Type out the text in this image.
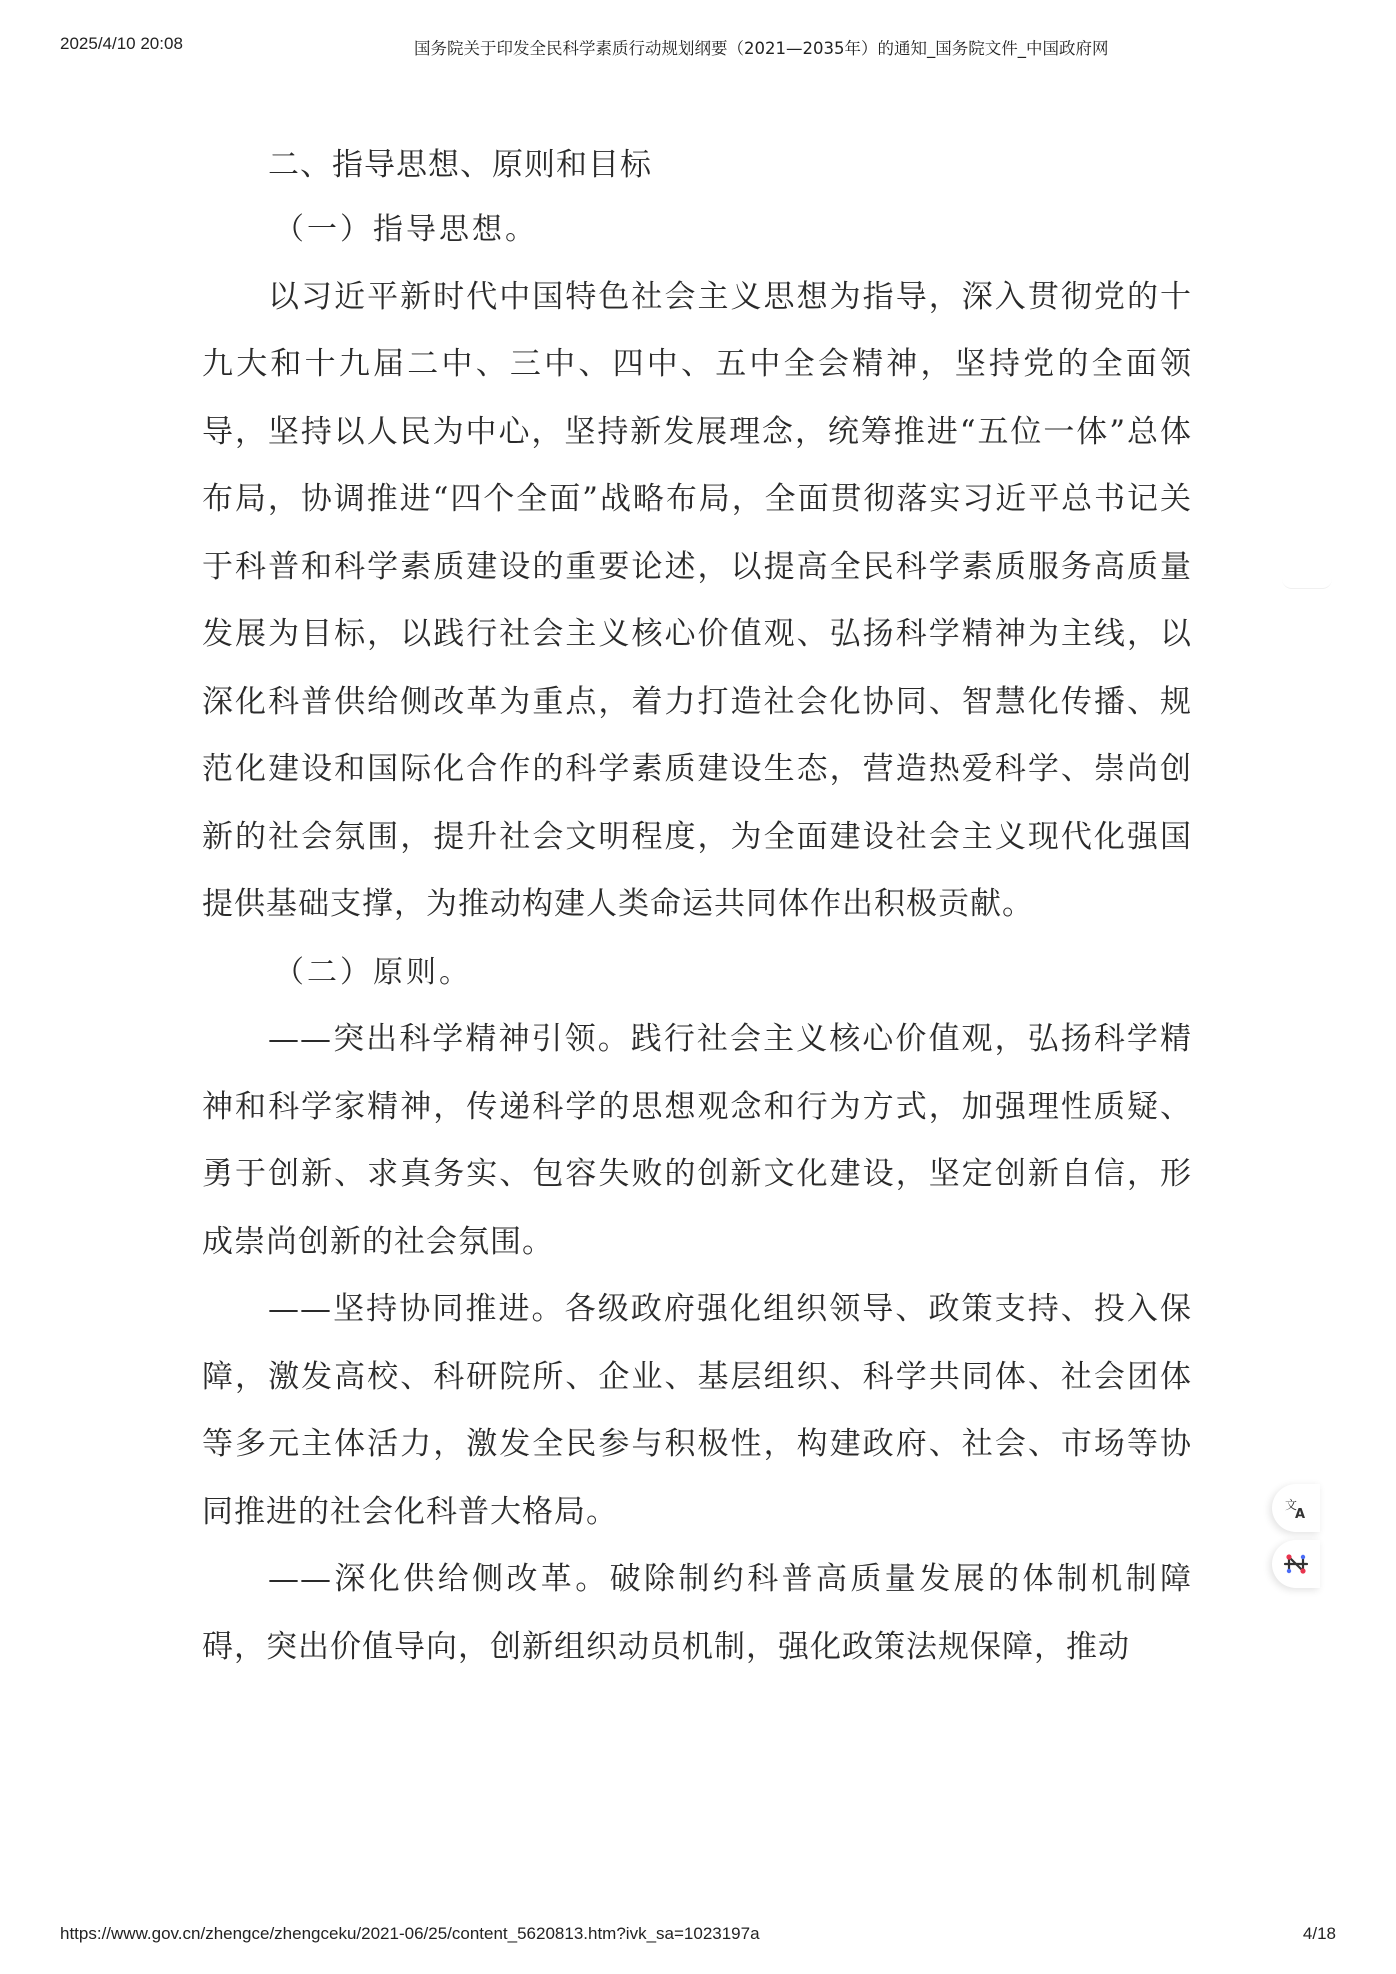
2025/4/10 20:08	国务院关于印发全民科学素质行动规划纲要（2021—2035年）的通知_国务院文件_中国政府网

二、指导思想、原则和目标

（一）指导思想。

以习近平新时代中国特色社会主义思想为指导，深入贯彻党的十九大和十九届二中、三中、四中、五中全会精神，坚持党的全面领导，坚持以人民为中心，坚持新发展理念，统筹推进“五位一体”总体布局，协调推进“四个全面”战略布局，全面贯彻落实习近平总书记关于科普和科学素质建设的重要论述，以提高全民科学素质服务高质量发展为目标，以践行社会主义核心价值观、弘扬科学精神为主线，以深化科普供给侧改革为重点，着力打造社会化协同、智慧化传播、规范化建设和国际化合作的科学素质建设生态，营造热爱科学、崇尚创新的社会氛围，提升社会文明程度，为全面建设社会主义现代化强国提供基础支撑，为推动构建人类命运共同体作出积极贡献。

（二）原则。

——突出科学精神引领。践行社会主义核心价值观，弘扬科学精神和科学家精神，传递科学的思想观念和行为方式，加强理性质疑、勇于创新、求真务实、包容失败的创新文化建设，坚定创新自信，形成崇尚创新的社会氛围。

——坚持协同推进。各级政府强化组织领导、政策支持、投入保障，激发高校、科研院所、企业、基层组织、科学共同体、社会团体等多元主体活力，激发全民参与积极性，构建政府、社会、市场等协同推进的社会化科普大格局。

——深化供给侧改革。破除制约科普高质量发展的体制机制障碍，突出价值导向，创新组织动员机制，强化政策法规保障，推动

文
A
https://www.gov.cn/zhengce/zhengceku/2021-06/25/content_5620813.htm?ivk_sa=1023197a	4/18
